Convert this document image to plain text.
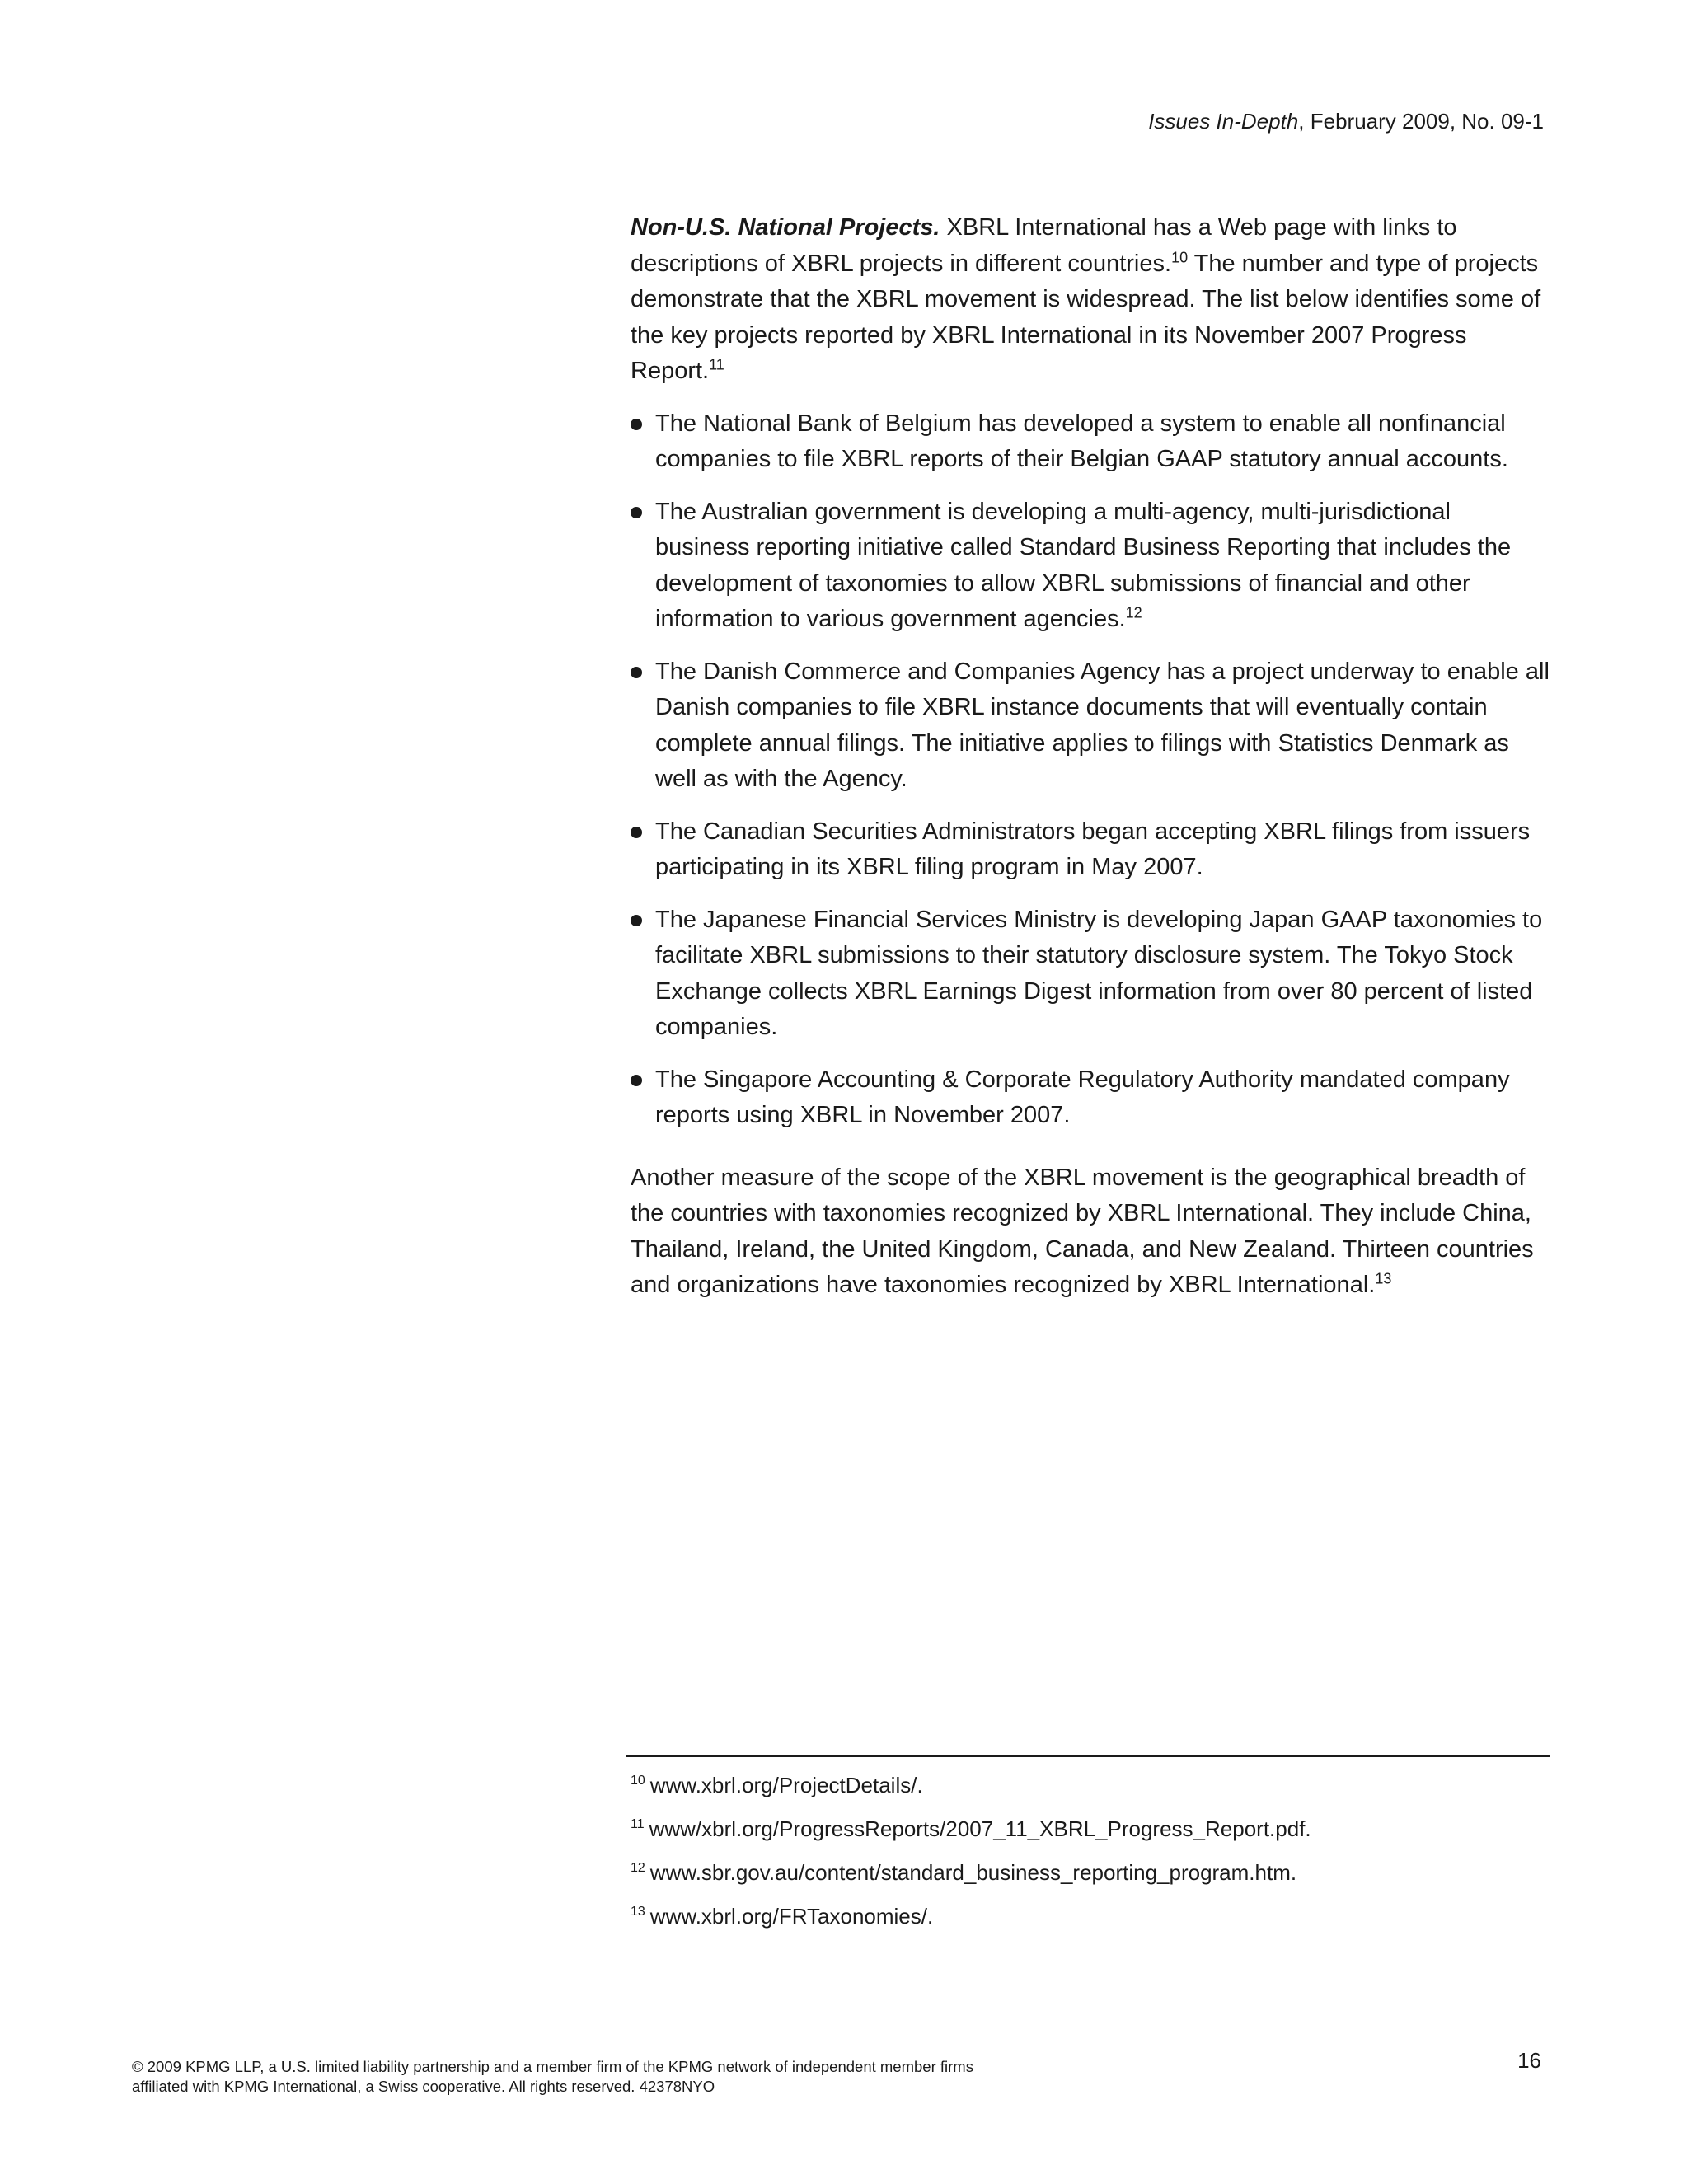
Issues In-Depth, February 2009, No. 09-1

Non-U.S. National Projects. XBRL International has a Web page with links to descriptions of XBRL projects in different countries.$^{10}$ The number and type of projects demonstrate that the XBRL movement is widespread. The list below identifies some of the key projects reported by XBRL International in its November 2007 Progress Report.$^{11}$

The National Bank of Belgium has developed a system to enable all nonfinancial companies to file XBRL reports of their Belgian GAAP statutory annual accounts.
The Australian government is developing a multi-agency, multi-jurisdictional business reporting initiative called Standard Business Reporting that includes the development of taxonomies to allow XBRL submissions of financial and other information to various government agencies.$^{12}$
The Danish Commerce and Companies Agency has a project underway to enable all Danish companies to file XBRL instance documents that will eventually contain complete annual filings. The initiative applies to filings with Statistics Denmark as well as with the Agency.
The Canadian Securities Administrators began accepting XBRL filings from issuers participating in its XBRL filing program in May 2007.
The Japanese Financial Services Ministry is developing Japan GAAP taxonomies to facilitate XBRL submissions to their statutory disclosure system. The Tokyo Stock Exchange collects XBRL Earnings Digest information from over 80 percent of listed companies.
The Singapore Accounting & Corporate Regulatory Authority mandated company reports using XBRL in November 2007.

Another measure of the scope of the XBRL movement is the geographical breadth of the countries with taxonomies recognized by XBRL International. They include China, Thailand, Ireland, the United Kingdom, Canada, and New Zealand. Thirteen countries and organizations have taxonomies recognized by XBRL International.$^{13}$

$^{10}$ www.xbrl.org/ProjectDetails/.
$^{11}$ www/xbrl.org/ProgressReports/2007_11_XBRL_Progress_Report.pdf.
$^{12}$ www.sbr.gov.au/content/standard_business_reporting_program.htm.
$^{13}$ www.xbrl.org/FRTaxonomies/.
© 2009 KPMG LLP, a U.S. limited liability partnership and a member firm of the KPMG network of independent member firms
affiliated with KPMG International, a Swiss cooperative. All rights reserved. 42378NYO
16
